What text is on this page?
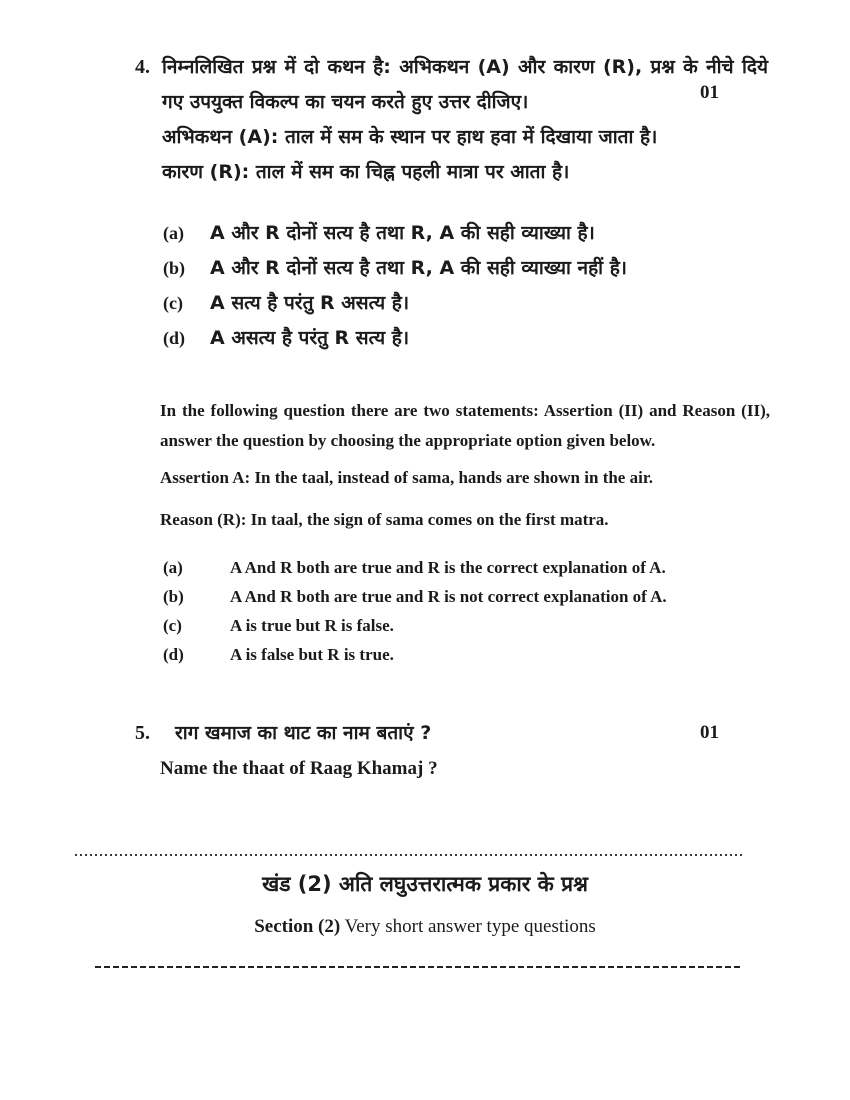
4. निम्नलिखित प्रश्न में दो कथन है: अभिकथन (A) और कारण (R), प्रश्न के नीचे दिये गए उपयुक्त विकल्प का चयन करते हुए उत्तर दीजिए।
अभिकथन (A): ताल में सम के स्थान पर हाथ हवा में दिखाया जाता है।
कारण (R): ताल में सम का चिह्न पहली मात्रा पर आता है।
01
(a)	A और R दोनों सत्य है तथा R, A की सही व्याख्या है।
(b)	A और R दोनों सत्य है तथा R, A की सही व्याख्या नहीं है।
(c)	A सत्य है परंतु R असत्य है।
(d)	A असत्य है परंतु R सत्य है।
In the following question there are two statements: Assertion (II) and Reason (II), answer the question by choosing the appropriate option given below.
Assertion A: In the taal, instead of sama, hands are shown in the air.
Reason (R): In taal, the sign of sama comes on the first matra.
(a)	A And R both are true and R is the correct explanation of A.
(b)	A And R both are true and R is not correct explanation of A.
(c)	A is true but R is false.
(d)	A is false but R is true.
5.	राग खमाज का थाट का नाम बताएं ?	01
Name the thaat of Raag Khamaj ?
खंड (2) अति लघुउत्तरात्मक प्रकार के प्रश्न
Section (2) Very short answer type questions
